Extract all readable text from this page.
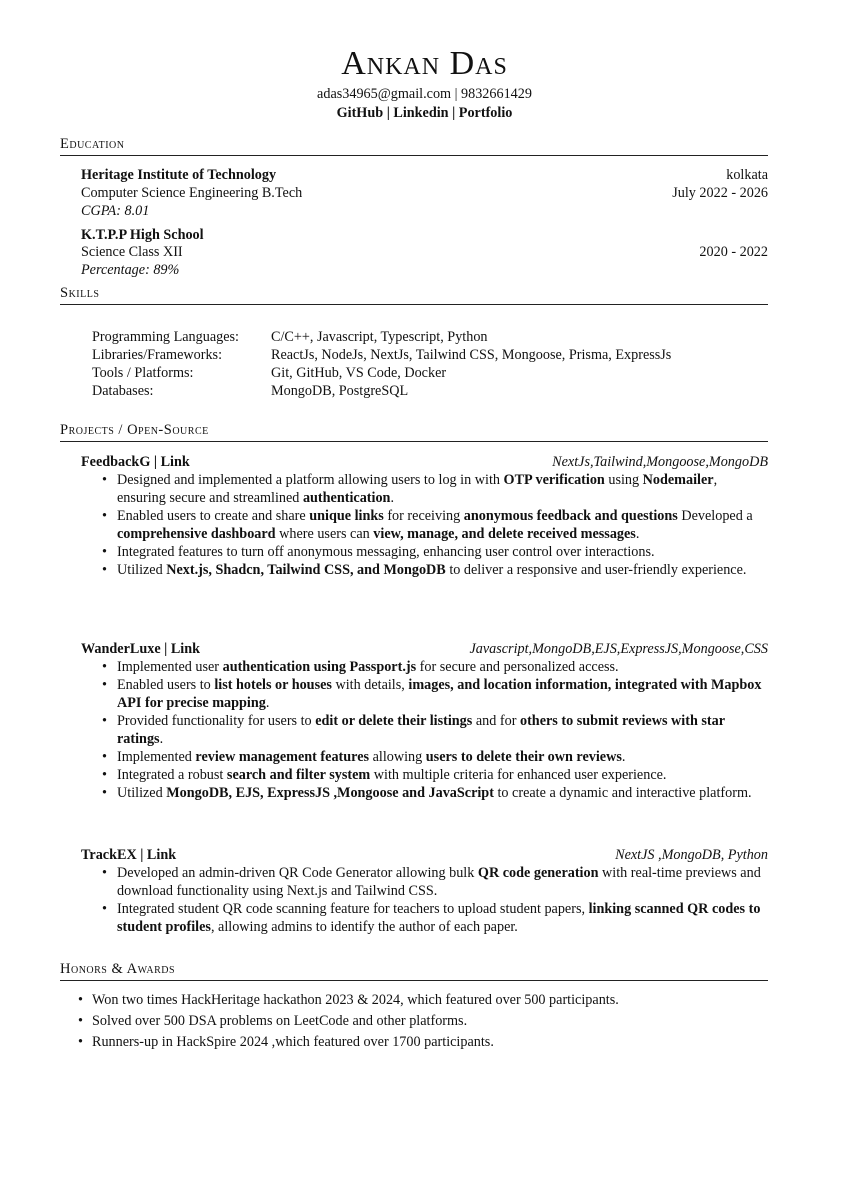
Ankan Das
adas34965@gmail.com | 9832661429
GitHub | Linkedin | Portfolio
Education
Heritage Institute of Technology	kolkata
Computer Science Engineering B.Tech	July 2022 - 2026
CGPA: 8.01
K.T.P.P High School
Science Class XII	2020 - 2022
Percentage: 89%
Skills
Programming Languages:	C/C++, Javascript, Typescript, Python
Libraries/Frameworks:	ReactJs, NodeJs, NextJs, Tailwind CSS, Mongoose, Prisma, ExpressJs
Tools / Platforms:	Git, GitHub, VS Code, Docker
Databases:	MongoDB, PostgreSQL
Projects / Open-Source
FeedbackG | Link	NextJs,Tailwind,Mongoose,MongoDB
• Designed and implemented a platform allowing users to log in with OTP verification using Nodemailer, ensuring secure and streamlined authentication.
• Enabled users to create and share unique links for receiving anonymous feedback and questions Developed a comprehensive dashboard where users can view, manage, and delete received messages.
• Integrated features to turn off anonymous messaging, enhancing user control over interactions.
• Utilized Next.js, Shadcn, Tailwind CSS, and MongoDB to deliver a responsive and user-friendly experience.
WanderLuxe | Link	Javascript,MongoDB,EJS,ExpressJS,Mongoose,CSS
• Implemented user authentication using Passport.js for secure and personalized access.
• Enabled users to list hotels or houses with details, images, and location information, integrated with Mapbox API for precise mapping.
• Provided functionality for users to edit or delete their listings and for others to submit reviews with star ratings.
• Implemented review management features allowing users to delete their own reviews.
• Integrated a robust search and filter system with multiple criteria for enhanced user experience.
• Utilized MongoDB, EJS, ExpressJS ,Mongoose and JavaScript to create a dynamic and interactive platform.
TrackEX | Link	NextJS ,MongoDB, Python
• Developed an admin-driven QR Code Generator allowing bulk QR code generation with real-time previews and download functionality using Next.js and Tailwind CSS.
• Integrated student QR code scanning feature for teachers to upload student papers, linking scanned QR codes to student profiles, allowing admins to identify the author of each paper.
Honors & Awards
• Won two times HackHeritage hackathon 2023 & 2024, which featured over 500 participants.
• Solved over 500 DSA problems on LeetCode and other platforms.
• Runners-up in HackSpire 2024 ,which featured over 1700 participants.
